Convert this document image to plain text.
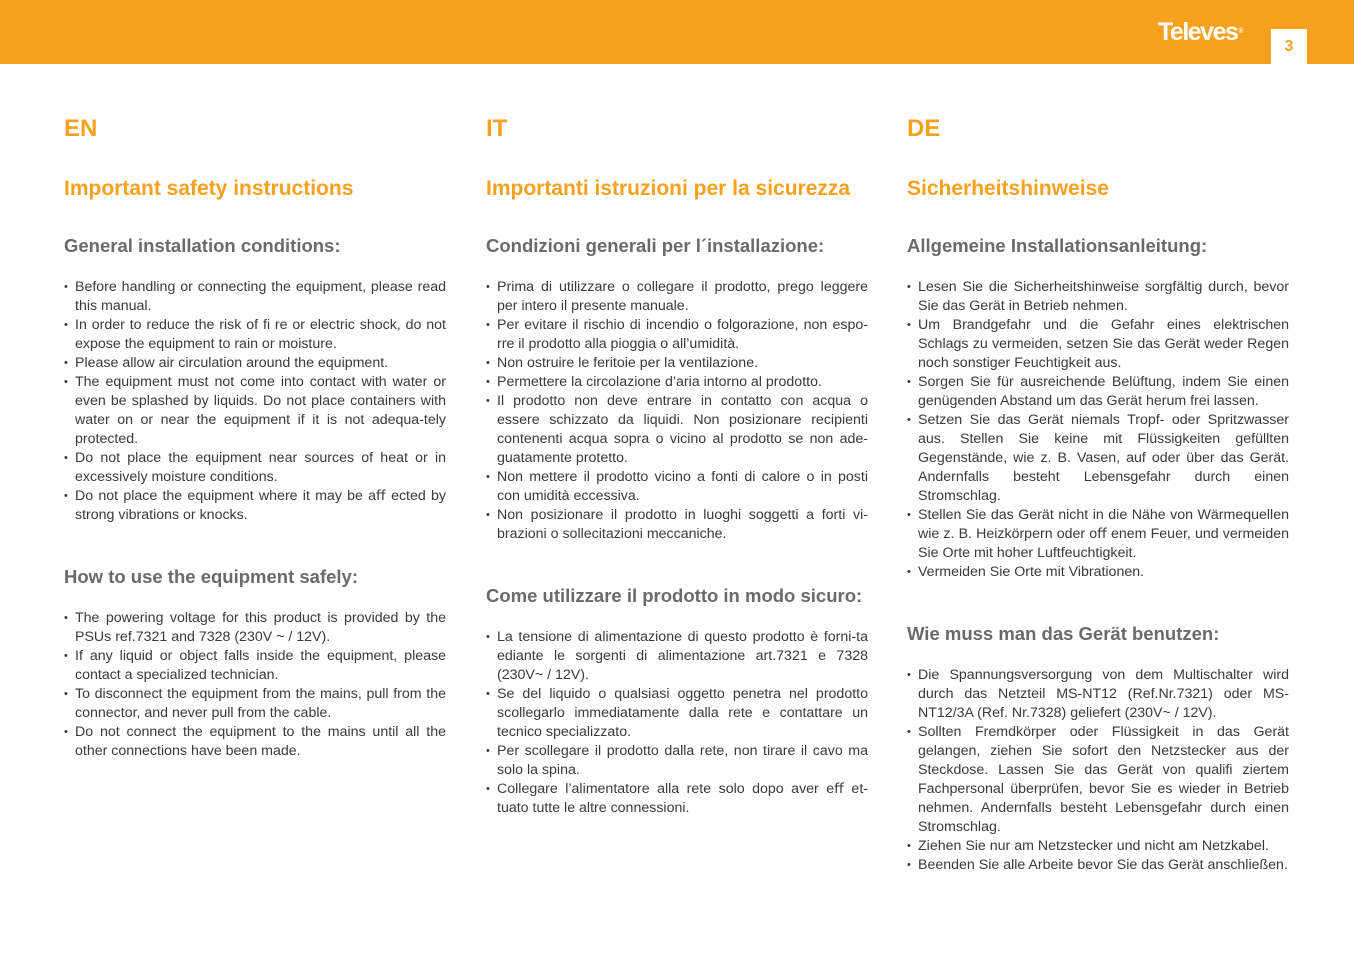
Televes®
3
EN
Important safety instructions
General installation conditions:
• Before handling or connecting the equipment, please read this manual.
• In order to reduce the risk of ﬁ re or electric shock, do not expose the equipment to rain or moisture.
• Please allow air circulation around the equipment.
• The equipment must not come into contact with water or even be splashed by liquids. Do not place containers with water on or near the equipment if it is not adequa-tely protected.
• Do not place the equipment near sources of heat or in excessively moisture conditions.
• Do not place the equipment where it may be aﬀ ected by strong vibrations or knocks.
How to use the equipment safely:
• The powering voltage for this product is provided by the PSUs ref.7321 and 7328 (230V ~ / 12V).
• If any liquid or object falls inside the equipment, please contact a specialized technician.
• To disconnect the equipment from the mains, pull from the connector, and never pull from the cable.
• Do not connect the equipment to the mains until all the other connections have been made.
IT
Importanti istruzioni per la sicurezza
Condizioni generali per l´installazione:
• Prima di utilizzare o collegare il prodotto, prego leggere per intero il presente manuale.
• Per evitare il rischio di incendio o folgorazione, non espo-rre il prodotto alla pioggia o all’umidità.
• Non ostruire le feritoie per la ventilazione.
• Permettere la circolazione d’aria intorno al prodotto.
• Il prodotto non deve entrare in contatto con acqua o essere schizzato da liquidi. Non posizionare recipienti contenenti acqua sopra o vicino al prodotto se non ade-guatamente protetto.
• Non mettere il prodotto vicino a fonti di calore o in posti con umidità eccessiva.
• Non posizionare il prodotto in luoghi soggetti a forti vi-brazioni o sollecitazioni meccaniche.
Come utilizzare il prodotto in modo sicuro:
• La tensione di alimentazione di questo prodotto è forni-ta ediante le sorgenti di alimentazione art.7321 e 7328 (230V~ / 12V).
• Se del liquido o qualsiasi oggetto penetra nel prodotto scollegarlo immediatamente dalla rete e contattare un tecnico specializzato.
• Per scollegare il prodotto dalla rete, non tirare il cavo ma solo la spina.
• Collegare l’alimentatore alla rete solo dopo aver eﬀ et-tuato tutte le altre connessioni.
DE
Sicherheitshinweise
Allgemeine Installationsanleitung:
• Lesen Sie die Sicherheitshinweise sorgfältig durch, bevor Sie das Gerät in Betrieb nehmen.
• Um Brandgefahr und die Gefahr eines elektrischen Schlags zu vermeiden, setzen Sie das Gerät weder Regen noch sonstiger Feuchtigkeit aus.
• Sorgen Sie für ausreichende Belüftung, indem Sie einen genügenden Abstand um das Gerät herum frei lassen.
• Setzen Sie das Gerät niemals Tropf- oder Spritzwasser aus. Stellen Sie keine mit Flüssigkeiten gefüllten Gegenstände, wie z. B. Vasen, auf oder über das Gerät. Andernfalls besteht Lebensgefahr durch einen Stromschlag.
• Stellen Sie das Gerät nicht in die Nähe von Wärmequellen wie z. B. Heizkörpern oder oﬀ enem Feuer, und vermeiden Sie Orte mit hoher Luftfeuchtigkeit.
• Vermeiden Sie Orte mit Vibrationen.
Wie muss man das Gerät benutzen:
• Die Spannungsversorgung von dem Multischalter wird durch das Netzteil MS-NT12 (Ref.Nr.7321) oder MS-NT12/3A (Ref. Nr.7328) geliefert (230V~ / 12V).
• Sollten Fremdkörper oder Flüssigkeit in das Gerät gelangen, ziehen Sie sofort den Netzstecker aus der Steckdose. Lassen Sie das Gerät von qualiﬁ ziertem Fachpersonal überprüfen, bevor Sie es wieder in Betrieb nehmen. Andernfalls besteht Lebensgefahr durch einen Stromschlag.
• Ziehen Sie nur am Netzstecker und nicht am Netzkabel.
• Beenden Sie alle Arbeite bevor Sie das Gerät anschließen.
